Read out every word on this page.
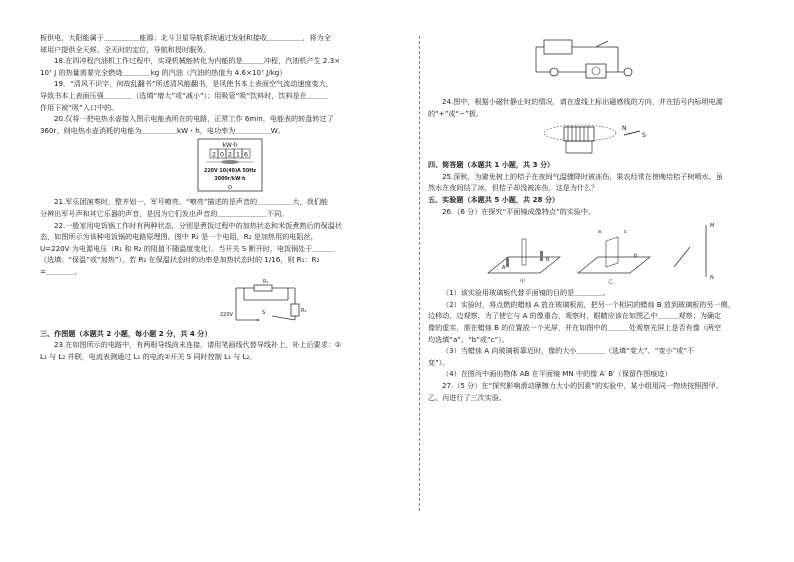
板供电，大阳能属于＿＿＿＿＿能源；北斗卫星导航系统通过发射和接收＿＿＿＿＿，将为全

球用户提供全天候、全天时的定位，导航和授时服务。

18.在四冲程汽油机工作过程中，实现机械能转化为内能的是＿＿＿冲程，汽油机产生 2.3×

10⁷ J 的热量需要完全燃烧＿＿＿＿kg 的汽油（汽油的热值为 4.6×10⁷ J/kg）

19．“清风不识字，何故乱翻书”所述清风能翻书，是风使书本上表面空气流动速度变大，

导致书本上表面压强＿＿＿＿（选填“增大”或“减小”）；用吸管“吸”饮料时，饮料是在＿＿＿

作用下被“吸”入口中的。

20.仅将一把电热水壶接入图示电能表所在的电路，正常工作 6min，电能表的转盘转过了

360r，则电热水壶消耗的电能为＿＿＿＿＿kW・h，电功率为＿＿＿＿＿W。

kW·h
2 0 2 1 6
220V 10(40)A 50Hz
3000r/kW·h

21.军乐团演奏时，整齐划一，军号嘹亮。“嘹亮”描述的是声音的＿＿＿＿＿大，我们能

分辨出军号声和其它乐器的声音，是因为它们发出声音的＿＿＿＿＿＿＿不同。

22.一般家用电饭锅工作时有两种状态，分别是煮饭过程中的加热状态和米饭煮熟后的保温状

态，如图所示为该种电饭锅的电路原理图。图中 R₁ 是一个电阻，R₂ 是加热用的电阻丝，

U=220V 为电源电压（R₁ 和 R₂ 的阻值不随温度变化）。当开关 S 断开时，电饭锅处于＿＿＿

（选填：“保温”或“加热”），若 R₂ 在保温状态时的功率是加热状态时的 1/16，则 R₁：R₂

=＿＿＿＿。

R₁
R₂
S
220V

三、作图题（本题共 2 小题，每小题 2 分，共 4 分）

23.在如图所示的电路中，有两根导线尚未连接，请用笔画线代替导线补上，补上后要求：①

L₁ 与 L₂ 并联，电流表测通过 L₁ 的电流②开关 S 同时控制 L₁ 与 L₂。

24.图中，根据小磁针静止时的情况，请在虚线上标出磁感线的方向，并在括号内标明电源

的“+”或“−”极。

N
S

四、简答题（本题共 1 小题，共 3 分）

25.深秋，为避免树上的桔子在夜间气温骤降时被冻伤，果农经常在傍晚给桔子树喷水。虽

然水在夜间结了冰，但桔子却没被冻伤，这是为什么？

五、实验题（本题共 5 小题，共 28 分）

26.（6 分）在探究“平面镜成像特点”的实验中。

A
B
甲
a	c
b
乙
M
N

（1）该实验用玻璃板代替平面镜的目的是＿＿＿＿。

（2）实验时，将点燃的蜡烛 A 放在玻璃板前，把另一个相同的蜡烛 B 放到玻璃板的另一侧，

边移动、边观察，为了使它与 A 的像重合，观察时，眼睛应该在如图乙中＿＿＿观察；为确定

像的虚实，需在蜡烛 B 的位置放一个光屏，并在如图中的＿＿＿处观察光屏上是否有像（两空

均选填“a”、“b”或“c”）。

（3）当蜡烛 A 向玻璃板靠近时，像的大小＿＿＿＿（选填“变大”、“变小”或“不

变”）。

（4）在图丙中画出物体 AB 在平面镜 MN 中的像 A′ B′（保留作图痕迹）

27.（5 分）在“探究影响滑动摩擦力大小的因素”的实验中，某小组用同一物块按照图甲、

乙、丙进行了三次实验。
